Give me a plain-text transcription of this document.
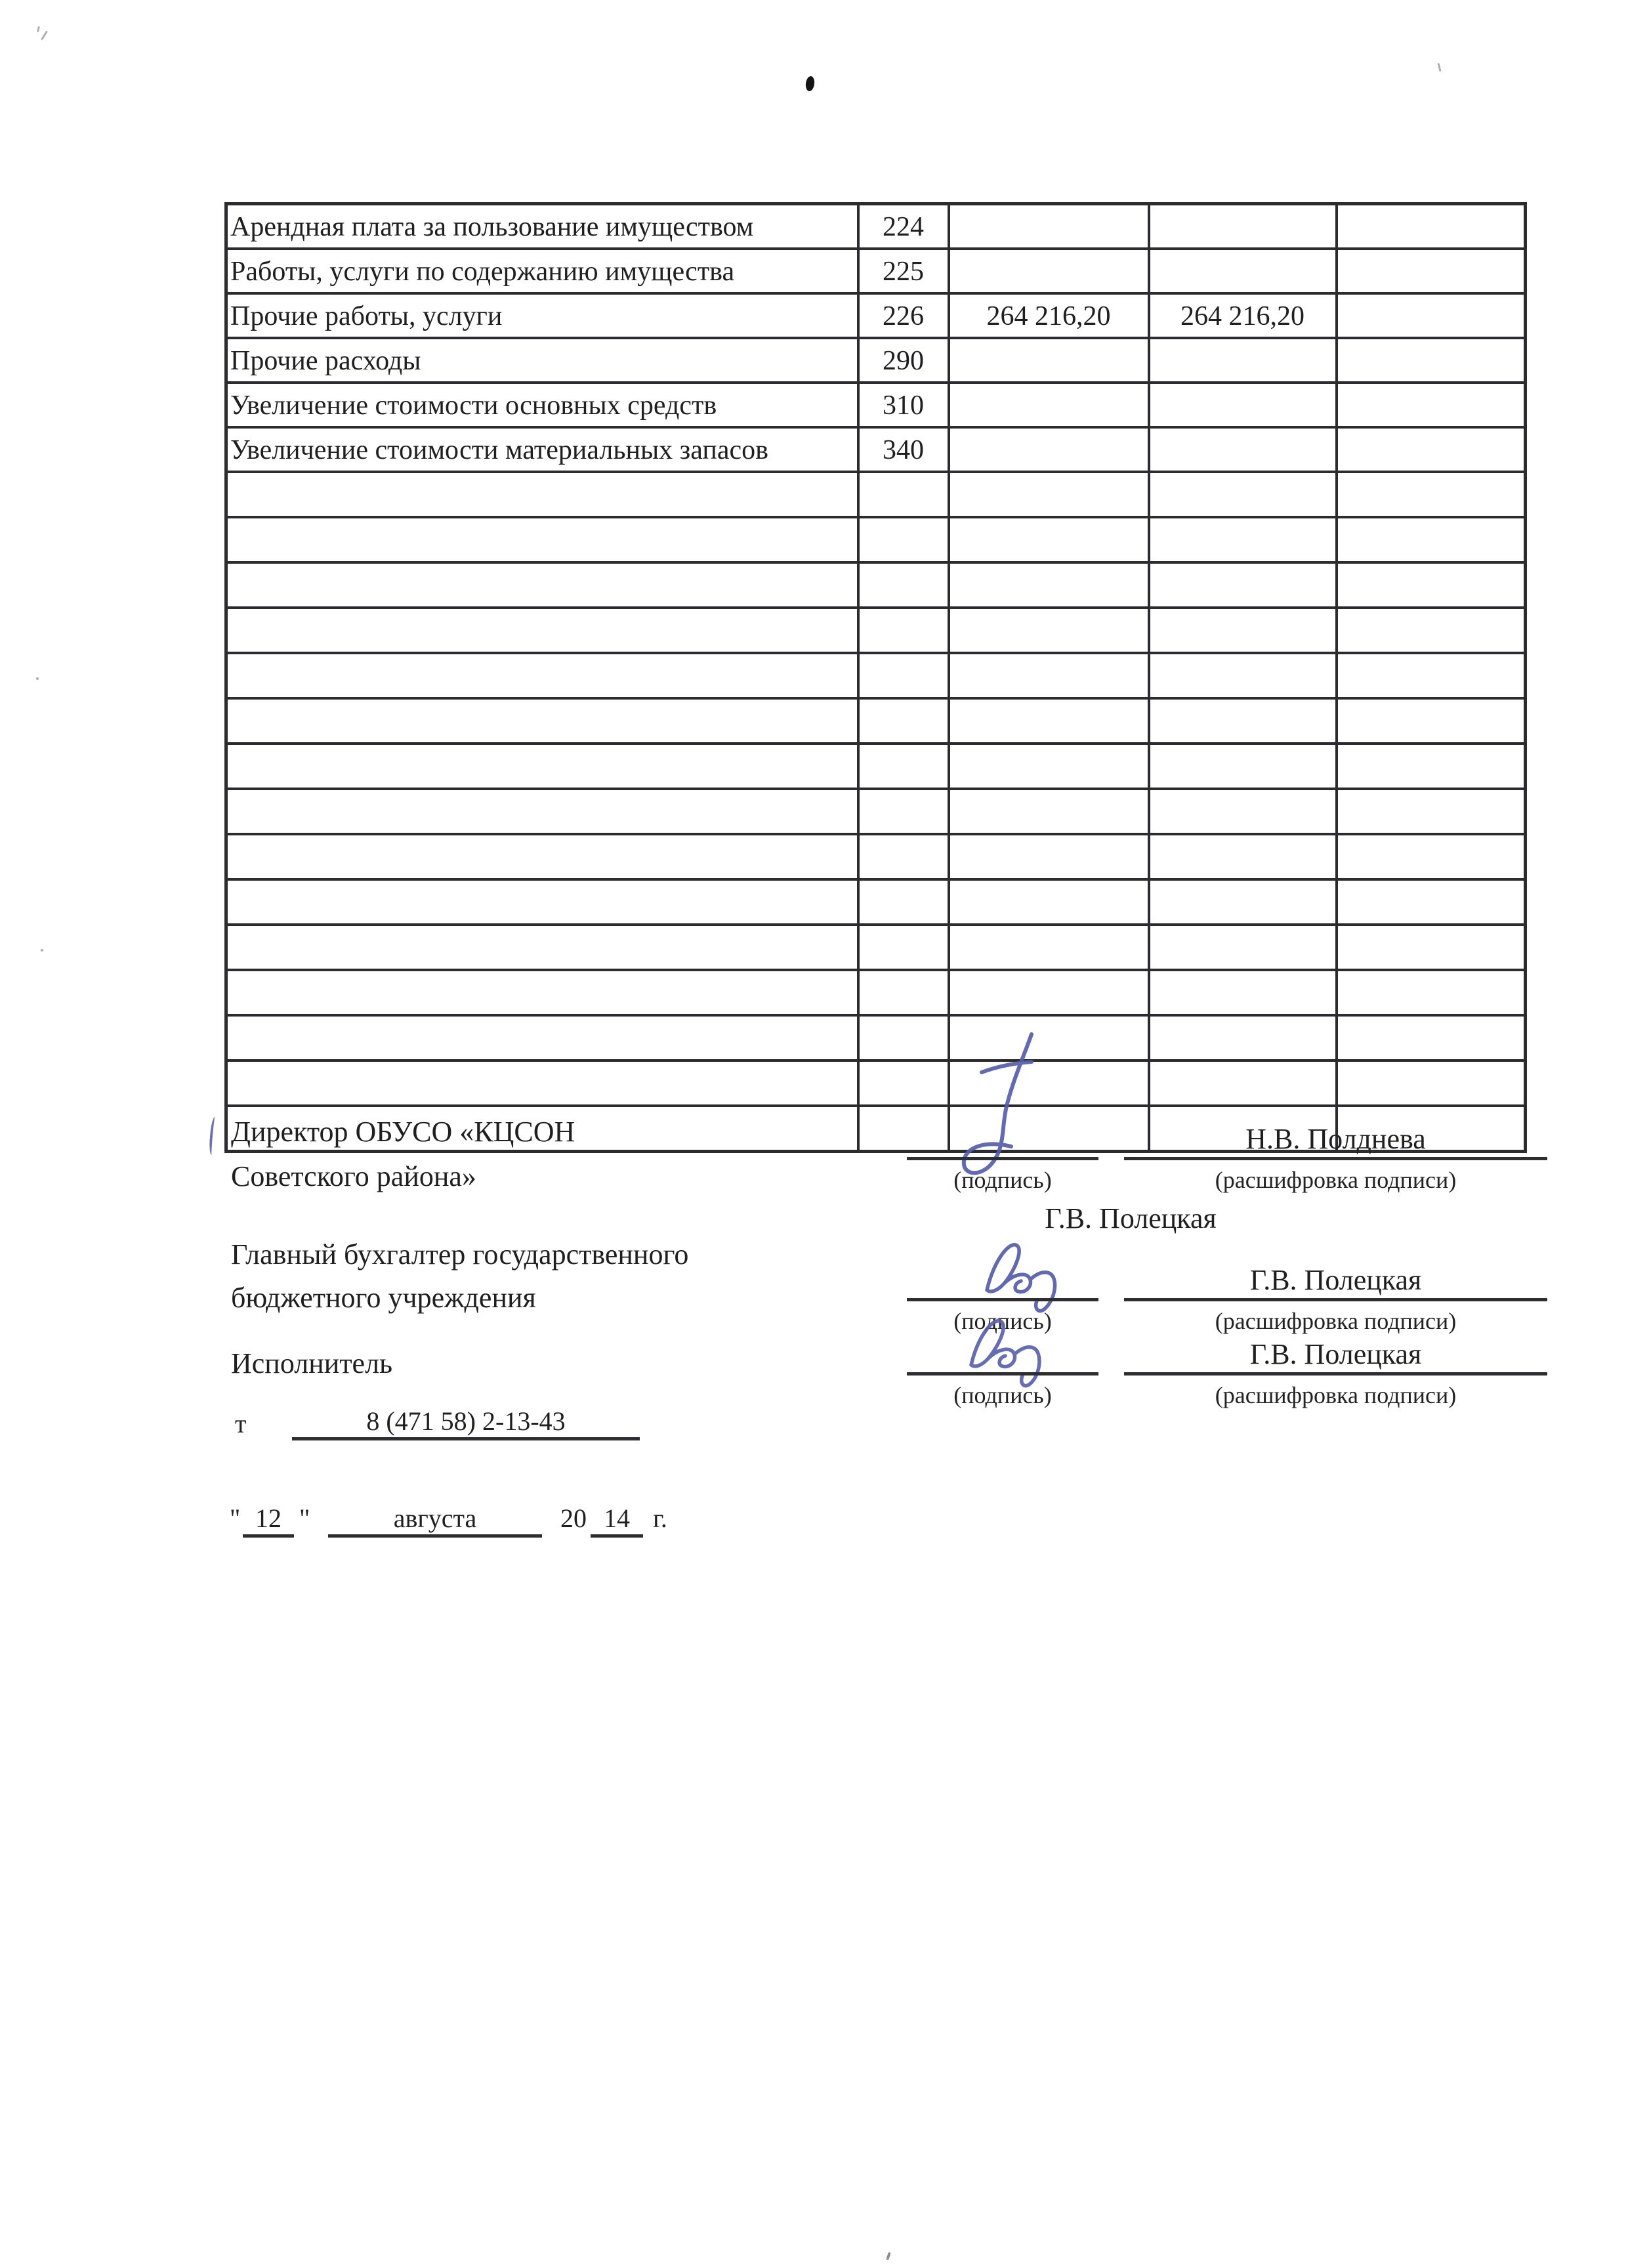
Арендная плата за пользование имуществом	224			
Работы, услуги по содержанию имущества	225			
Прочие работы, услуги	226	264 216,20	264 216,20	
Прочие расходы	290			
Увеличение стоимости основных средств	310			
Увеличение стоимости материальных запасов	340			

Директор ОБУСО «КЦСОН
Советского района»
Главный бухгалтер государственного
бюджетного учреждения
Исполнитель
Н.В. Полднева
(подпись)	(расшифровка подписи)
Г.В. Полецкая
Г.В. Полецкая
(подпись)	(расшифровка подписи)
Г.В. Полецкая
(подпись)	(расшифровка подписи)
т	8 (471 58) 2-13-43
" 12 "	августа	20 14 г.
